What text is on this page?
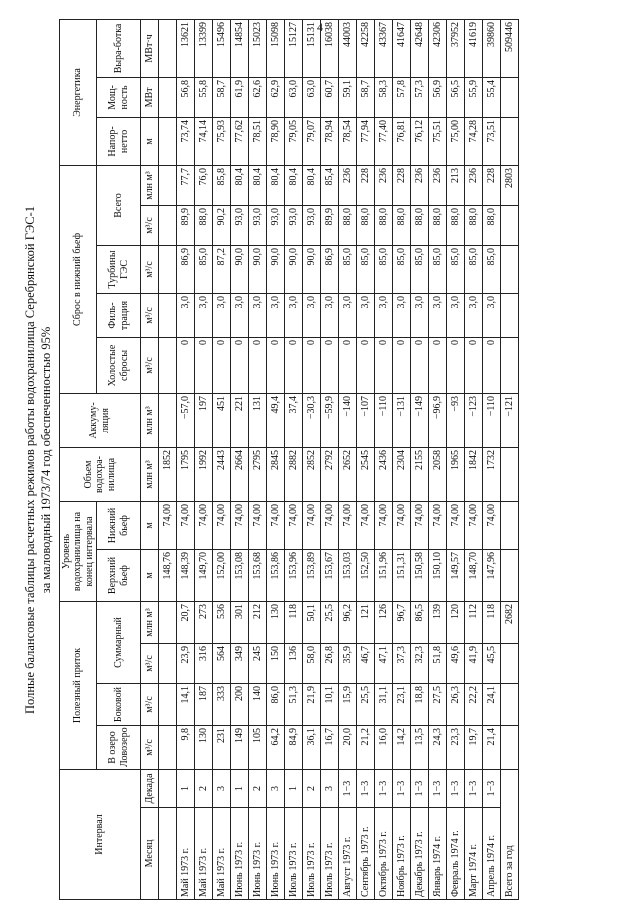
4
Полные балансовые таблицы расчетных режимов работы водохранилища Серебрянской ГЭС-1 за маловодный 1973/74 год обеспеченностью 95%
Интервал		Полезный приток				Уровень водохранилища на конец интервала		Объем водохра-нилища	Аккуму-ляция	Сброс в нижний бьеф					Энергетика		
		В озеро Ловозеро	Боковой	Суммарный		Верхний бьеф	Нижний бьеф			Холостые сбросы	Филь-трация	Турбины ГЭС	Всего		Напор-нетто	Мощ-ность	Выра-ботка
Месяц	Декада	м³/с	м³/с	м³/с	млн м³	м	м	млн м³	млн м³	м³/с	м³/с	м³/с	м³/с	млн м³	м	МВт	МВт·ч
						148,76	74,00	1852									
Май 1973 г.	1	9,8	14,1	23,9	20,7	148,39	74,00	1795	−57,0	0	3,0	86,9	89,9	77,7	73,74	56,8	13621
Май 1973 г.	2	130	187	316	273	149,70	74,00	1992	197	0	3,0	85,0	88,0	76,0	74,14	55,8	13399
Май 1973 г.	3	231	333	564	536	152,00	74,00	2443	451	0	3,0	87,2	90,2	85,8	75,93	58,7	15496
Июнь 1973 г.	1	149	200	349	301	153,08	74,00	2664	221	0	3,0	90,0	93,0	80,4	77,62	61,9	14854
Июнь 1973 г.	2	105	140	245	212	153,68	74,00	2795	131	0	3,0	90,0	93,0	80,4	78,51	62,6	15023
Июнь 1973 г.	3	64,2	86,0	150	130	153,86	74,00	2845	49,4	0	3,0	90,0	93,0	80,4	78,90	62,9	15098
Июль 1973 г.	1	84,9	51,3	136	118	153,96	74,00	2882	37,4	0	3,0	90,0	93,0	80,4	79,05	63,0	15127
Июль 1973 г.	2	36,1	21,9	58,0	50,1	153,89	74,00	2852	−30,3	0	3,0	90,0	93,0	80,4	79,07	63,0	15131
Июль 1973 г.	3	16,7	10,1	26,8	25,5	153,67	74,00	2792	−59,9	0	3,0	86,9	89,9	85,4	78,94	60,7	16038
Август 1973 г.	1−3	20,0	15,9	35,9	96,2	153,03	74,00	2652	−140	0	3,0	85,0	88,0	236	78,54	59,1	44003
Сентябрь 1973 г.	1−3	21,2	25,5	46,7	121	152,50	74,00	2545	−107	0	3,0	85,0	88,0	228	77,94	58,7	42258
Октябрь 1973 г.	1−3	16,0	31,1	47,1	126	151,96	74,00	2436	−110	0	3,0	85,0	88,0	236	77,40	58,3	43367
Ноябрь 1973 г.	1−3	14,2	23,1	37,3	96,7	151,31	74,00	2304	−131	0	3,0	85,0	88,0	228	76,81	57,8	41647
Декабрь 1973 г.	1−3	13,5	18,8	32,3	86,5	150,58	74,00	2155	−149	0	3,0	85,0	88,0	236	76,12	57,3	42648
Январь 1974 г.	1−3	24,3	27,5	51,8	139	150,10	74,00	2058	−96,9	0	3,0	85,0	88,0	236	75,51	56,9	42306
Февраль 1974 г.	1−3	23,3	26,3	49,6	120	149,57	74,00	1965	−93	0	3,0	85,0	88,0	213	75,00	56,5	37952
Март 1974 г.	1−3	19,7	22,2	41,9	112	148,70	74,00	1842	−123	0	3,0	85,0	88,0	236	74,28	55,9	41619
Апрель 1974 г.	1−3	21,4	24,1	45,5	118	147,96	74,00	1732	−110	0	3,0	85,0	88,0	228	73,51	55,4	39860
Всего за год					2682				−121					2803			509446
